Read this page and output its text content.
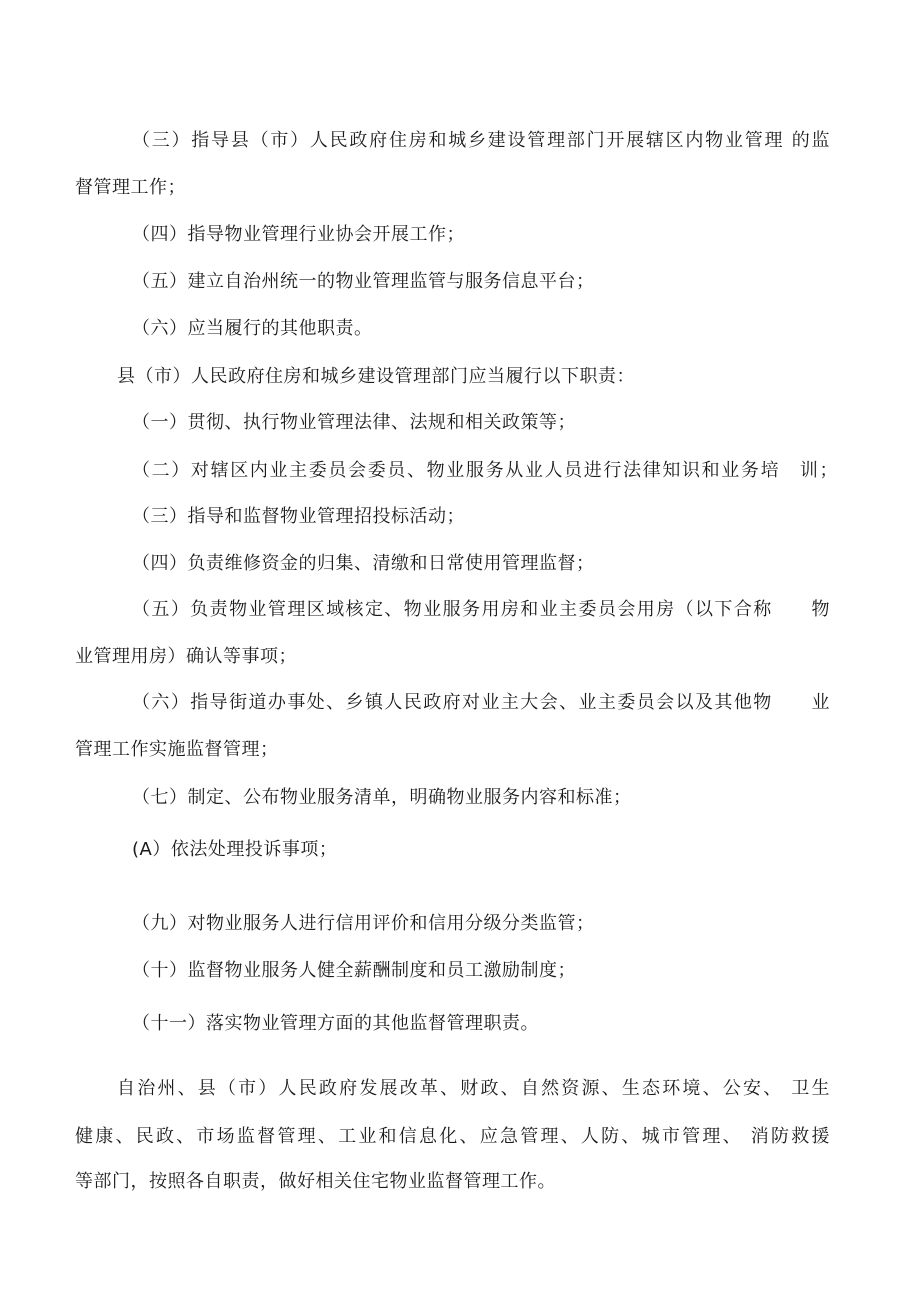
（三）指导县（市）人民政府住房和城乡建设管理部门开展辖区内物业管理 的监
督管理工作；
（四）指导物业管理行业协会开展工作；
（五）建立自治州统一的物业管理监管与服务信息平台；
（六）应当履行的其他职责。
县（市）人民政府住房和城乡建设管理部门应当履行以下职责：
（一）贯彻、执行物业管理法律、法规和相关政策等；
（二）对辖区内业主委员会委员、物业服务从业人员进行法律知识和业务培　训；
（三）指导和监督物业管理招投标活动；
（四）负责维修资金的归集、清缴和日常使用管理监督；
（五）负责物业管理区域核定、物业服务用房和业主委员会用房（以下合称　　物
业管理用房）确认等事项；
（六）指导街道办事处、乡镇人民政府对业主大会、业主委员会以及其他物　　业
管理工作实施监督管理；
（七）制定、公布物业服务清单，明确物业服务内容和标准；
(A）依法处理投诉事项；
（九）对物业服务人进行信用评价和信用分级分类监管；
（十）监督物业服务人健全薪酬制度和员工激励制度；
（十一）落实物业管理方面的其他监督管理职责。
自治州、县（市）人民政府发展改革、财政、自然资源、生态环境、公安、 卫生
健康、民政、市场监督管理、工业和信息化、应急管理、人防、城市管理、 消防救援
等部门，按照各自职责，做好相关住宅物业监督管理工作。
